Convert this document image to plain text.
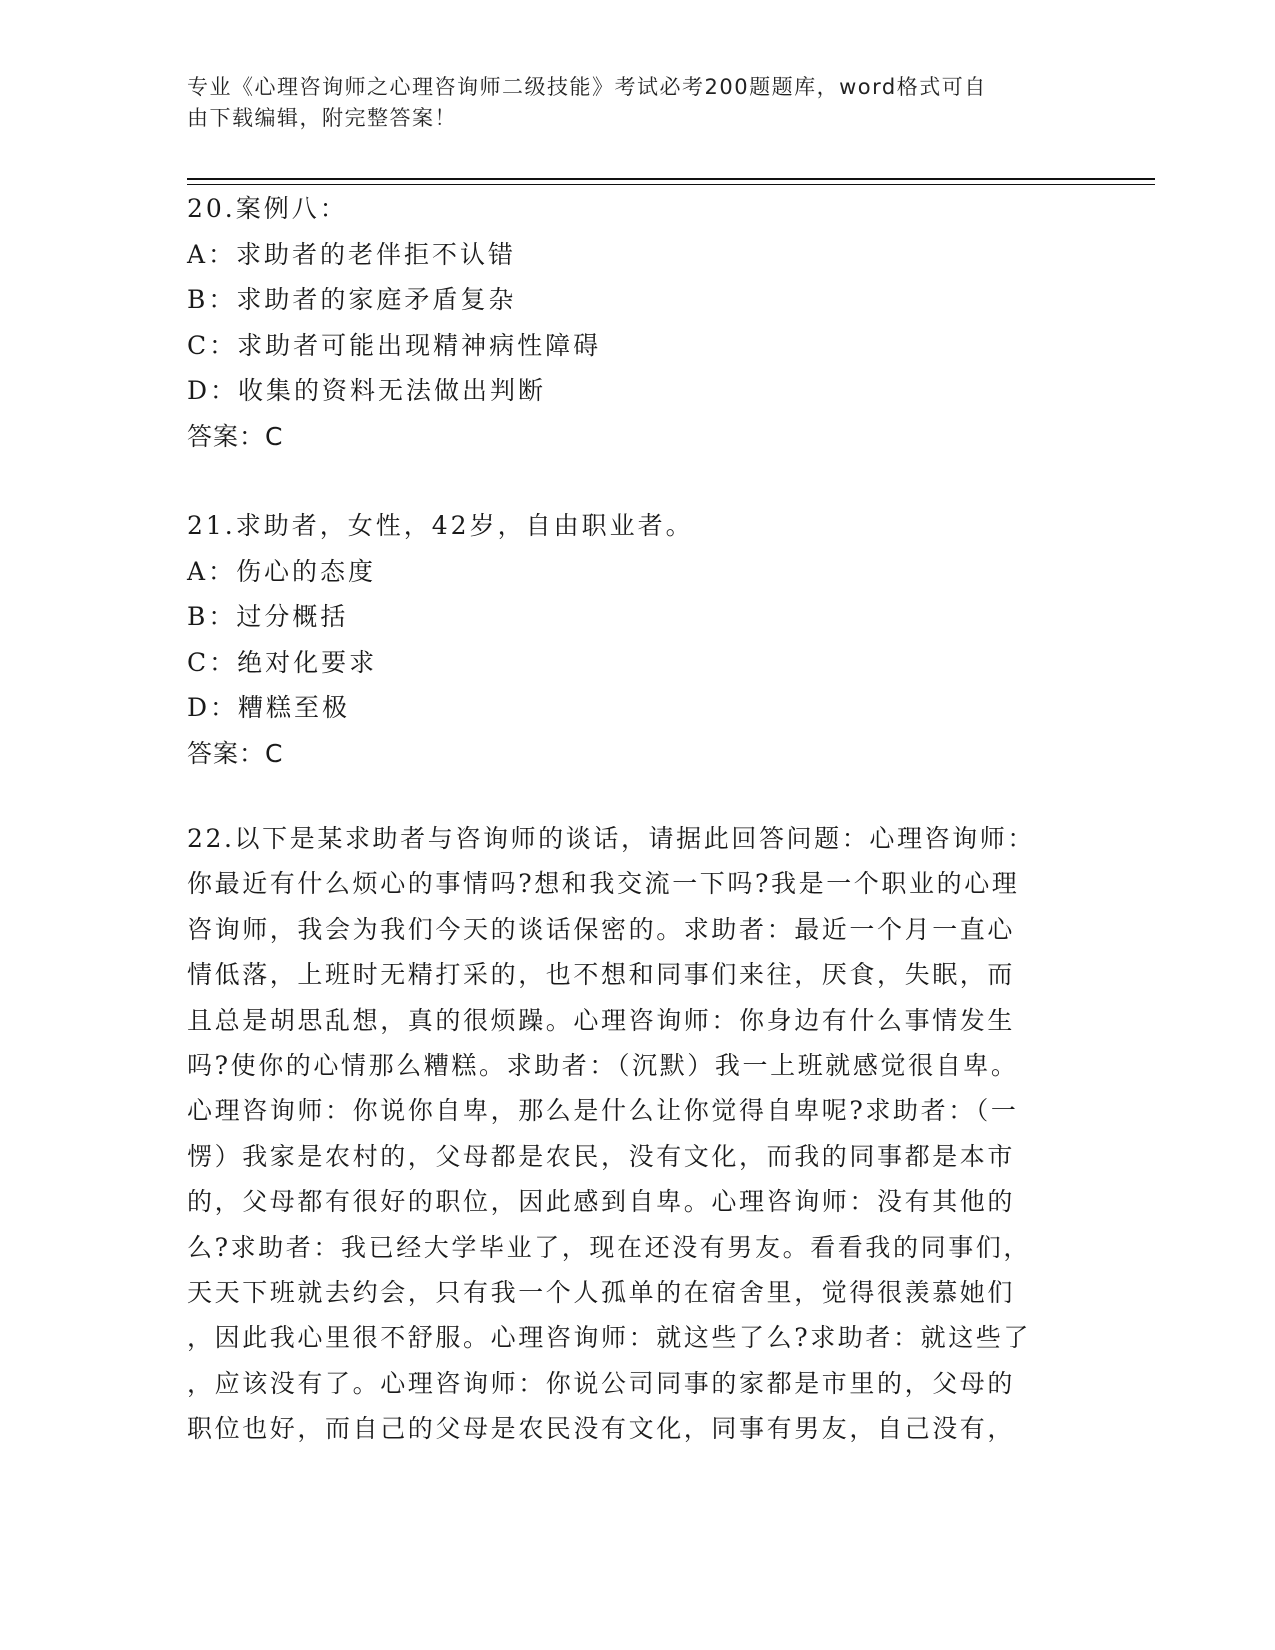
专业《心理咨询师之心理咨询师二级技能》考试必考200题题库，word格式可自
由下载编辑，附完整答案！
20.案例八：
A：求助者的老伴拒不认错
B：求助者的家庭矛盾复杂
C：求助者可能出现精神病性障碍
D：收集的资料无法做出判断
答案：C
21.求助者，女性，42岁，自由职业者。
A：伤心的态度
B：过分概括
C：绝对化要求
D：糟糕至极
答案：C
22.以下是某求助者与咨询师的谈话，请据此回答问题：心理咨询师：
你最近有什么烦心的事情吗?想和我交流一下吗?我是一个职业的心理
咨询师，我会为我们今天的谈话保密的。求助者：最近一个月一直心
情低落，上班时无精打采的，也不想和同事们来往，厌食，失眠，而
且总是胡思乱想，真的很烦躁。心理咨询师：你身边有什么事情发生
吗?使你的心情那么糟糕。求助者：（沉默）我一上班就感觉很自卑。
心理咨询师：你说你自卑，那么是什么让你觉得自卑呢?求助者：（一
愣）我家是农村的，父母都是农民，没有文化，而我的同事都是本市
的，父母都有很好的职位，因此感到自卑。心理咨询师：没有其他的
么?求助者：我已经大学毕业了，现在还没有男友。看看我的同事们，
天天下班就去约会，只有我一个人孤单的在宿舍里，觉得很羡慕她们
，因此我心里很不舒服。心理咨询师：就这些了么?求助者：就这些了
，应该没有了。心理咨询师：你说公司同事的家都是市里的，父母的
职位也好，而自己的父母是农民没有文化，同事有男友，自己没有，
